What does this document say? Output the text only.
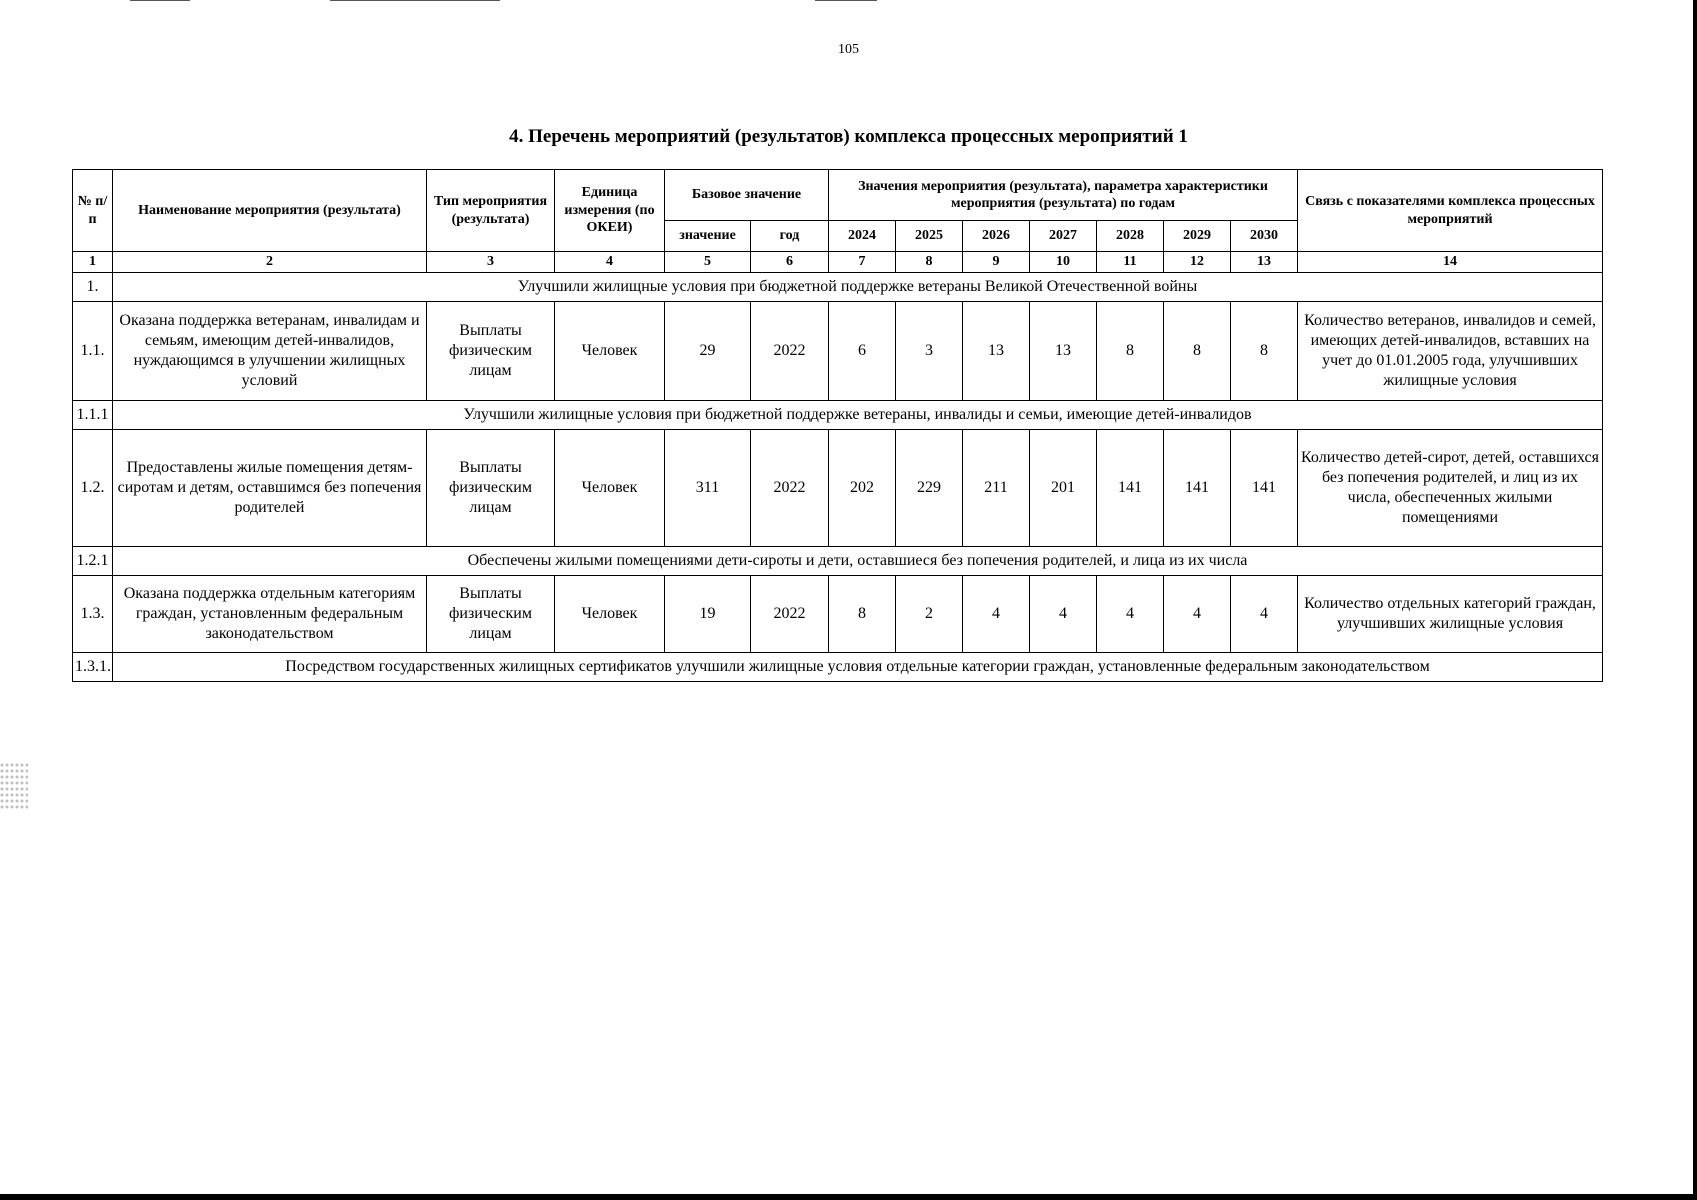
105
4. Перечень мероприятий (результатов) комплекса процессных мероприятий 1
№ п/п	Наименование мероприятия (результата)	Тип мероприятия (результата)	Единица измерения (по ОКЕИ)	Базовое значение		Значения мероприятия (результата), параметра характеристики мероприятия (результата) по годам							Связь с показателями комплекса процессных мероприятий
				значение	год	2024	2025	2026	2027	2028	2029	2030	
1	2	3	4	5	6	7	8	9	10	11	12	13	14
1.	Улучшили жилищные условия при бюджетной поддержке ветераны Великой Отечественной войны												
1.1.	Оказана поддержка ветеранам, инвалидам и семьям, имеющим детей-инвалидов, нуждающимся в улучшении жилищных условий	Выплаты физическим лицам	Человек	29	2022	6	3	13	13	8	8	8	Количество ветеранов, инвалидов и семей, имеющих детей-инвалидов, вставших на учет до 01.01.2005 года, улучшивших жилищные условия
1.1.1	Улучшили жилищные условия при бюджетной поддержке ветераны, инвалиды и семьи, имеющие детей-инвалидов												
1.2.	Предоставлены жилые помещения детям-сиротам и детям, оставшимся без попечения родителей	Выплаты физическим лицам	Человек	311	2022	202	229	211	201	141	141	141	Количество детей-сирот, детей, оставшихся без попечения родителей, и лиц из их числа, обеспеченных жилыми помещениями
1.2.1	Обеспечены жилыми помещениями дети-сироты и дети, оставшиеся без попечения родителей, и лица из их числа												
1.3.	Оказана поддержка отдельным категориям граждан, установленным федеральным законодательством	Выплаты физическим лицам	Человек	19	2022	8	2	4	4	4	4	4	Количество отдельных категорий граждан, улучшивших жилищные условия
1.3.1.	Посредством государственных жилищных сертификатов улучшили жилищные условия отдельные категории граждан, установленные федеральным законодательством												
